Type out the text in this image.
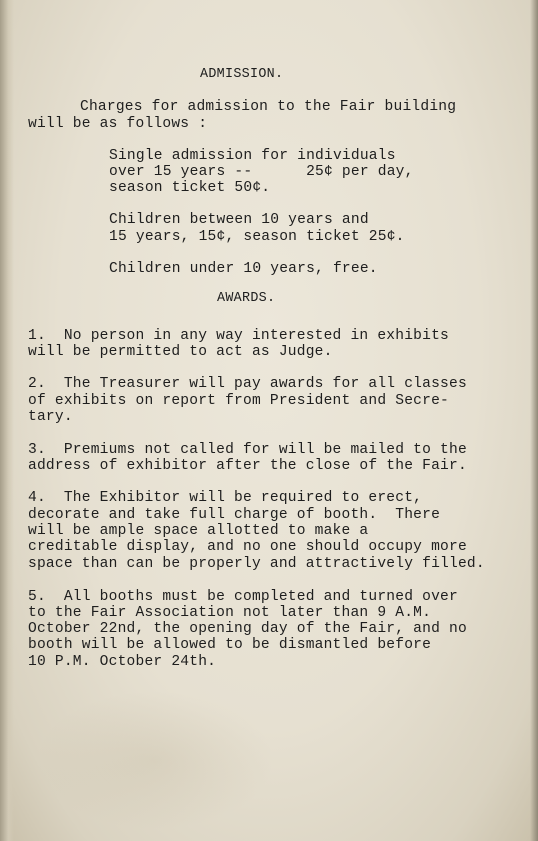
ADMISSION.

Charges for admission to the Fair building

will be as follows :

Single admission for individuals

over 15 years --      25¢ per day,

season ticket 50¢.

Children between 10 years and

15 years, 15¢, season ticket 25¢.

Children under 10 years, free.

AWARDS.

1.  No person in any way interested in exhibits

will be permitted to act as Judge.

2.  The Treasurer will pay awards for all classes

of exhibits on report from President and Secre-

tary.

3.  Premiums not called for will be mailed to the

address of exhibitor after the close of the Fair.

4.  The Exhibitor will be required to erect,

decorate and take full charge of booth.  There

will be ample space allotted to make a

creditable display, and no one should occupy more

space than can be properly and attractively filled.

5.  All booths must be completed and turned over

to the Fair Association not later than 9 A.M.

October 22nd, the opening day of the Fair, and no

booth will be allowed to be dismantled before

10 P.M. October 24th.
